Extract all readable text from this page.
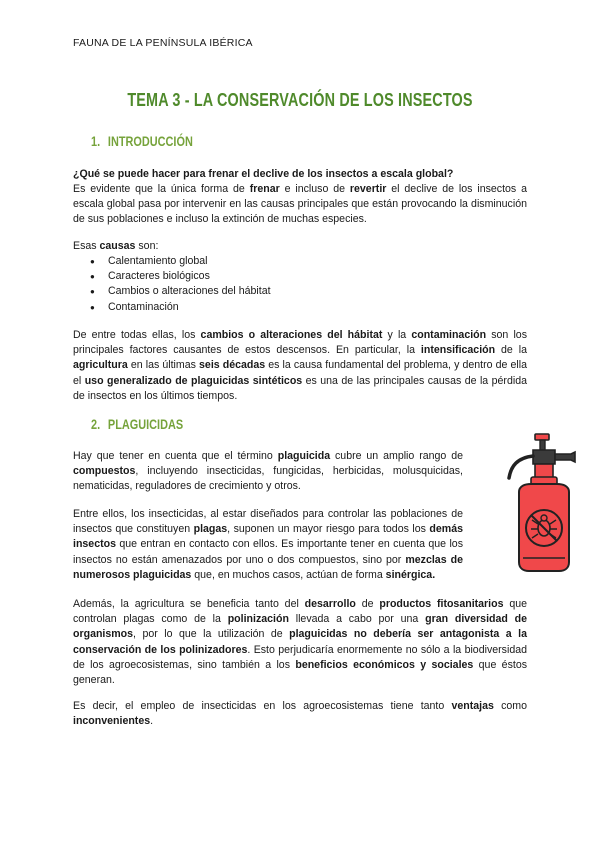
FAUNA DE LA PENÍNSULA IBÉRICA
TEMA 3 - LA CONSERVACIÓN DE LOS INSECTOS
1. INTRODUCCIÓN
¿Qué se puede hacer para frenar el declive de los insectos a escala global?
Es evidente que la única forma de frenar e incluso de revertir el declive de los insectos a escala global pasa por intervenir en las causas principales que están provocando la disminución de sus poblaciones e incluso la extinción de muchas especies.
Esas causas son:
● Calentamiento global
● Caracteres biológicos
● Cambios o alteraciones del hábitat
● Contaminación
De entre todas ellas, los cambios o alteraciones del hábitat y la contaminación son los principales factores causantes de estos descensos. En particular, la intensificación de la agricultura en las últimas seis décadas es la causa fundamental del problema, y dentro de ella el uso generalizado de plaguicidas sintéticos es una de las principales causas de la pérdida de insectos en los últimos tiempos.
2. PLAGUICIDAS
Hay que tener en cuenta que el término plaguicida cubre un amplio rango de compuestos, incluyendo insecticidas, fungicidas, herbicidas, molusquicidas, nematicidas, reguladores de crecimiento y otros.
Entre ellos, los insecticidas, al estar diseñados para controlar las poblaciones de insectos que constituyen plagas, suponen un mayor riesgo para todos los demás insectos que entran en contacto con ellos. Es importante tener en cuenta que los insectos no están amenazados por uno o dos compuestos, sino por mezclas de numerosos plaguicidas que, en muchos casos, actúan de forma sinérgica.
Además, la agricultura se beneficia tanto del desarrollo de productos fitosanitarios que controlan plagas como de la polinización llevada a cabo por una gran diversidad de organismos, por lo que la utilización de plaguicidas no debería ser antagonista a la conservación de los polinizadores. Esto perjudicaría enormemente no sólo a la biodiversidad de los agroecosistemas, sino también a los beneficios económicos y sociales que éstos generan.
Es decir, el empleo de insecticidas en los agroecosistemas tiene tanto ventajas como inconvenientes.
